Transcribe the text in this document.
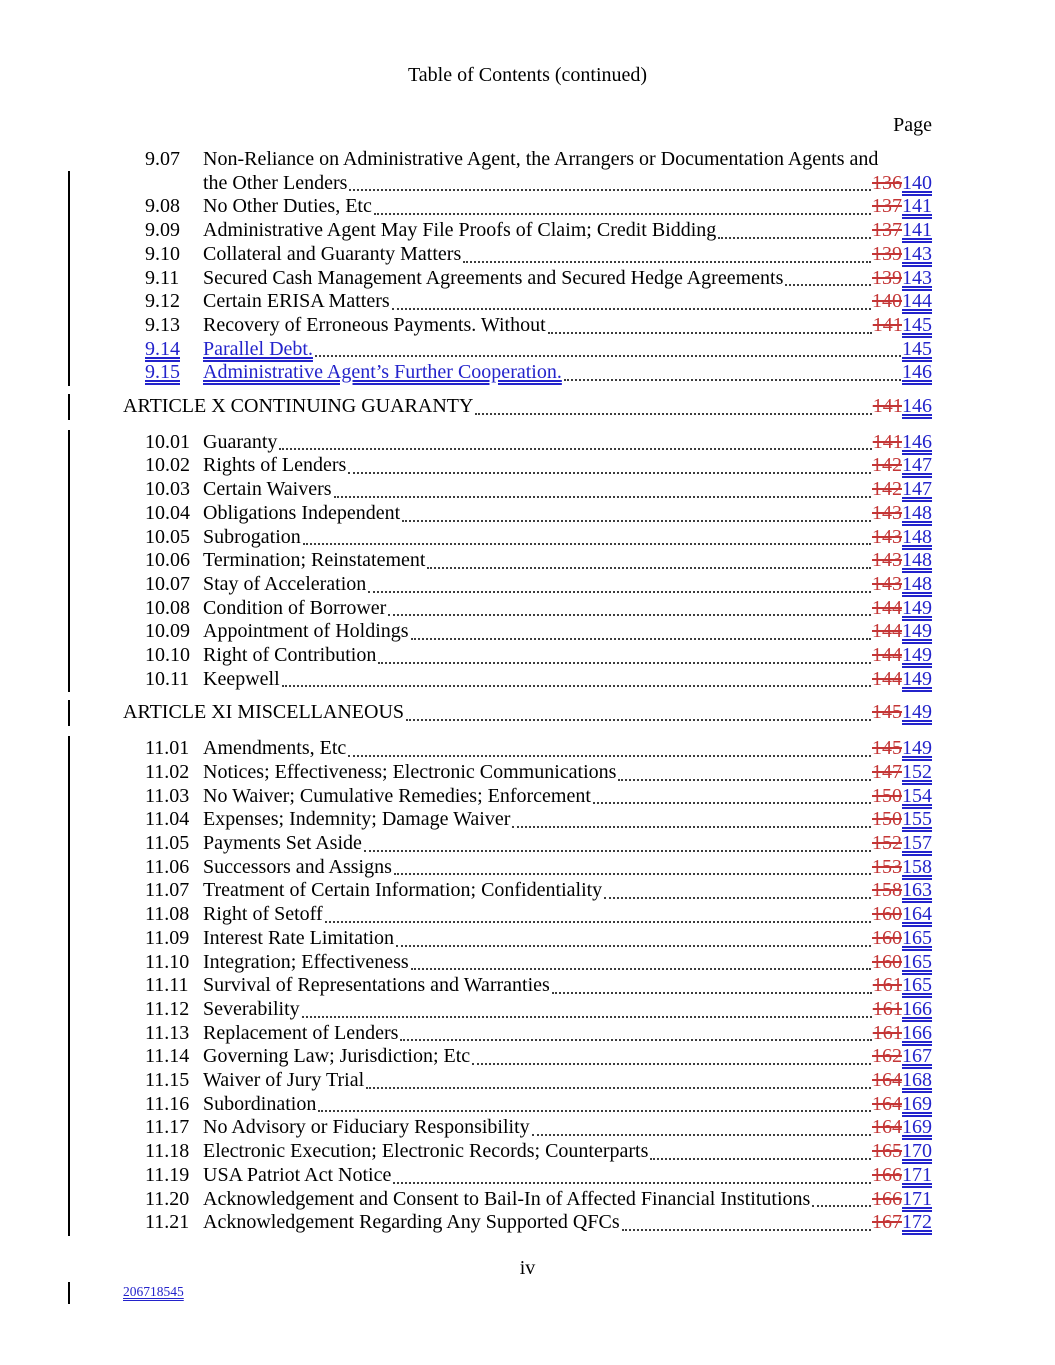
Table of Contents (continued)
Page
9.07	Non-Reliance on Administrative Agent, the Arrangers or Documentation Agents and
the Other Lenders	136140
9.08	No Other Duties, Etc	137141
9.09	Administrative Agent May File Proofs of Claim; Credit Bidding	137141
9.10	Collateral and Guaranty Matters	139143
9.11	Secured Cash Management Agreements and Secured Hedge Agreements	139143
9.12	Certain ERISA Matters	140144
9.13	Recovery of Erroneous Payments. Without	141145
9.14	Parallel Debt.	145
9.15	Administrative Agent’s Further Cooperation.	146
ARTICLE X CONTINUING GUARANTY	141146
10.01 Guaranty	141146
10.02 Rights of Lenders	142147
10.03 Certain Waivers	142147
10.04 Obligations Independent	143148
10.05 Subrogation	143148
10.06 Termination; Reinstatement	143148
10.07 Stay of Acceleration	143148
10.08 Condition of Borrower	144149
10.09 Appointment of Holdings	144149
10.10 Right of Contribution	144149
10.11 Keepwell	144149
ARTICLE XI MISCELLANEOUS	145149
11.01 Amendments, Etc	145149
11.02 Notices; Effectiveness; Electronic Communications	147152
11.03 No Waiver; Cumulative Remedies; Enforcement	150154
11.04 Expenses; Indemnity; Damage Waiver	150155
11.05 Payments Set Aside	152157
11.06 Successors and Assigns	153158
11.07 Treatment of Certain Information; Confidentiality	158163
11.08 Right of Setoff	160164
11.09 Interest Rate Limitation	160165
11.10 Integration; Effectiveness	160165
11.11 Survival of Representations and Warranties	161165
11.12 Severability	161166
11.13 Replacement of Lenders	161166
11.14 Governing Law; Jurisdiction; Etc	162167
11.15 Waiver of Jury Trial	164168
11.16 Subordination	164169
11.17 No Advisory or Fiduciary Responsibility	164169
11.18 Electronic Execution; Electronic Records; Counterparts	165170
11.19 USA Patriot Act Notice	166171
11.20 Acknowledgement and Consent to Bail-In of Affected Financial Institutions	166171
11.21 Acknowledgement Regarding Any Supported QFCs	167172
iv
206718545
